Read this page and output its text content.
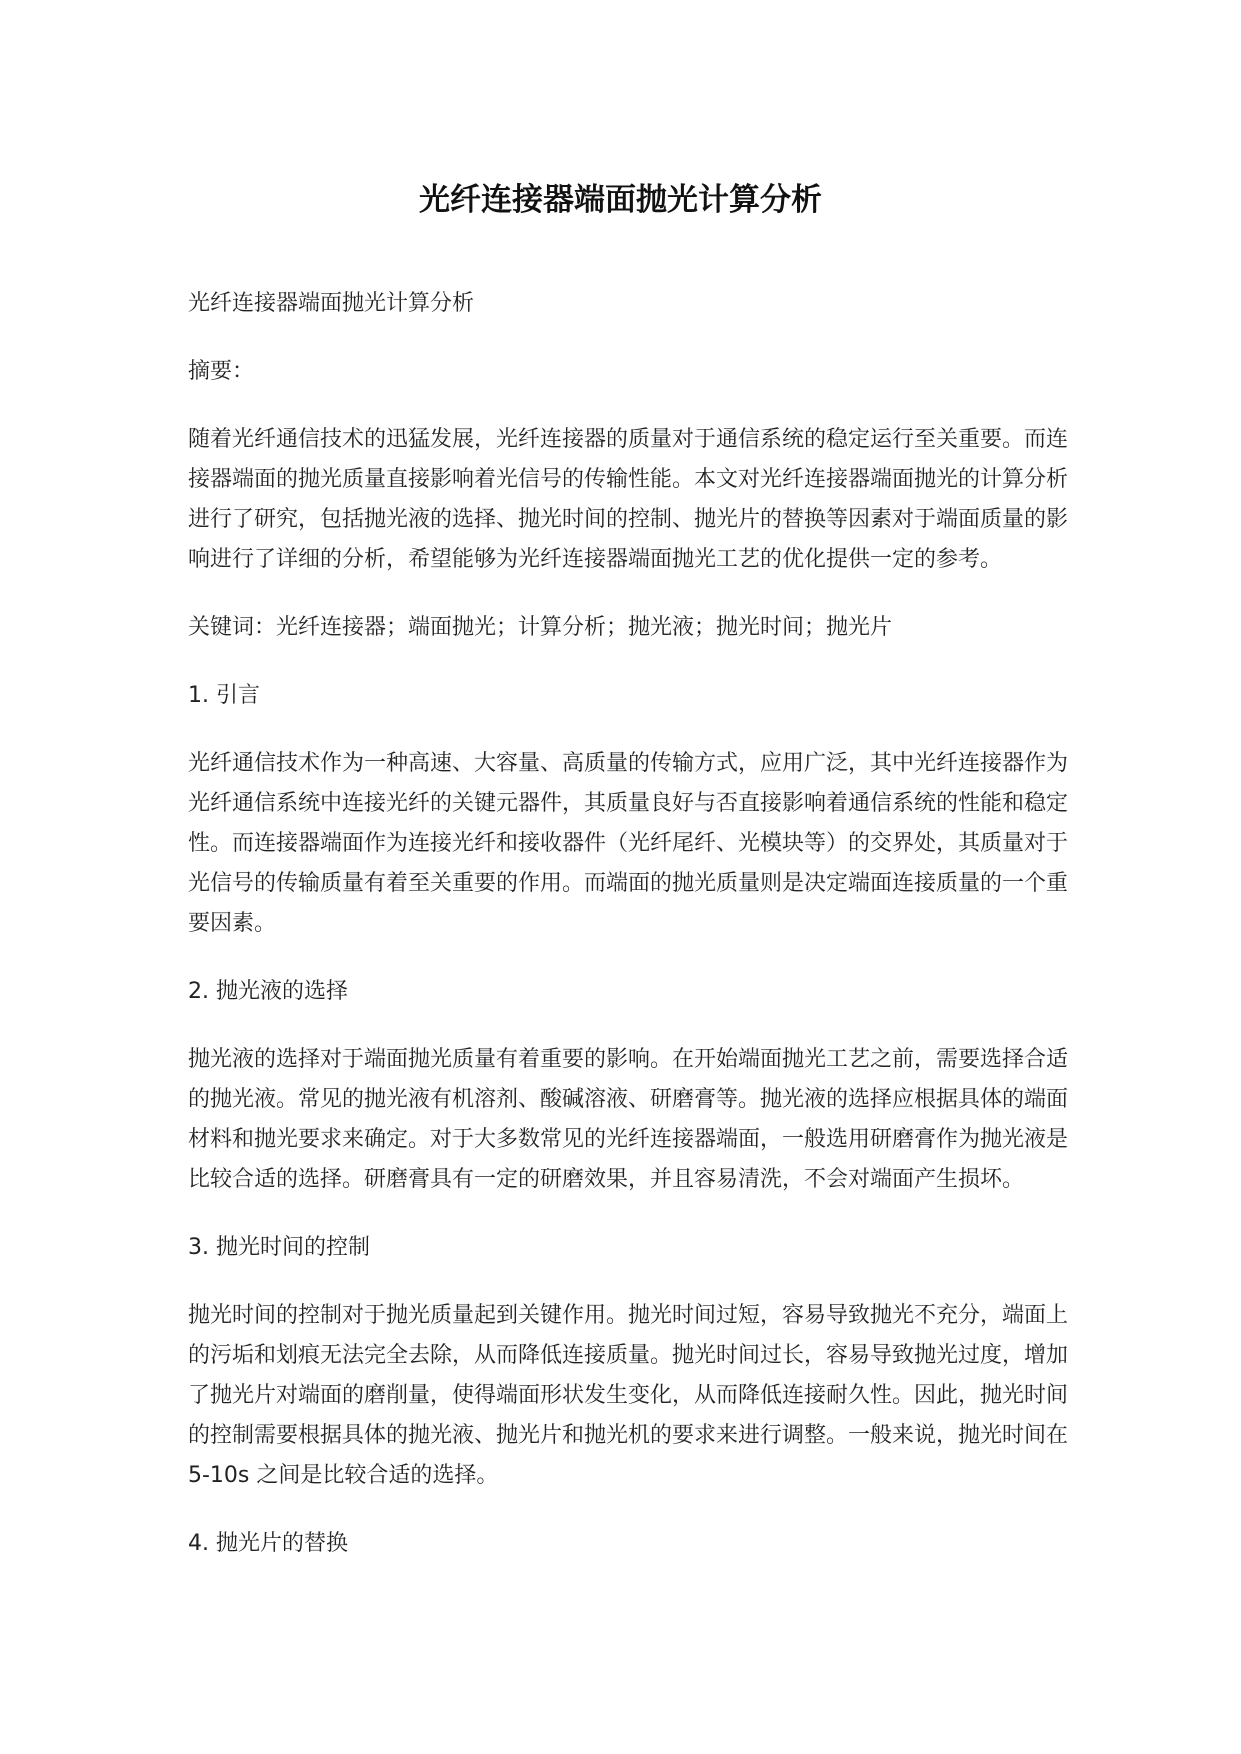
光纤连接器端面抛光计算分析

光纤连接器端面抛光计算分析

摘要：

随着光纤通信技术的迅猛发展，光纤连接器的质量对于通信系统的稳定运行至关重要。而连接器端面的抛光质量直接影响着光信号的传输性能。本文对光纤连接器端面抛光的计算分析进行了研究，包括抛光液的选择、抛光时间的控制、抛光片的替换等因素对于端面质量的影响进行了详细的分析，希望能够为光纤连接器端面抛光工艺的优化提供一定的参考。

关键词：光纤连接器；端面抛光；计算分析；抛光液；抛光时间；抛光片

1. 引言

光纤通信技术作为一种高速、大容量、高质量的传输方式，应用广泛，其中光纤连接器作为光纤通信系统中连接光纤的关键元器件，其质量良好与否直接影响着通信系统的性能和稳定性。而连接器端面作为连接光纤和接收器件（光纤尾纤、光模块等）的交界处，其质量对于光信号的传输质量有着至关重要的作用。而端面的抛光质量则是决定端面连接质量的一个重要因素。

2. 抛光液的选择

抛光液的选择对于端面抛光质量有着重要的影响。在开始端面抛光工艺之前，需要选择合适的抛光液。常见的抛光液有机溶剂、酸碱溶液、研磨膏等。抛光液的选择应根据具体的端面材料和抛光要求来确定。对于大多数常见的光纤连接器端面，一般选用研磨膏作为抛光液是比较合适的选择。研磨膏具有一定的研磨效果，并且容易清洗，不会对端面产生损坏。

3. 抛光时间的控制

抛光时间的控制对于抛光质量起到关键作用。抛光时间过短，容易导致抛光不充分，端面上的污垢和划痕无法完全去除，从而降低连接质量。抛光时间过长，容易导致抛光过度，增加了抛光片对端面的磨削量，使得端面形状发生变化，从而降低连接耐久性。因此，抛光时间的控制需要根据具体的抛光液、抛光片和抛光机的要求来进行调整。一般来说，抛光时间在 5-10s 之间是比较合适的选择。

4. 抛光片的替换
